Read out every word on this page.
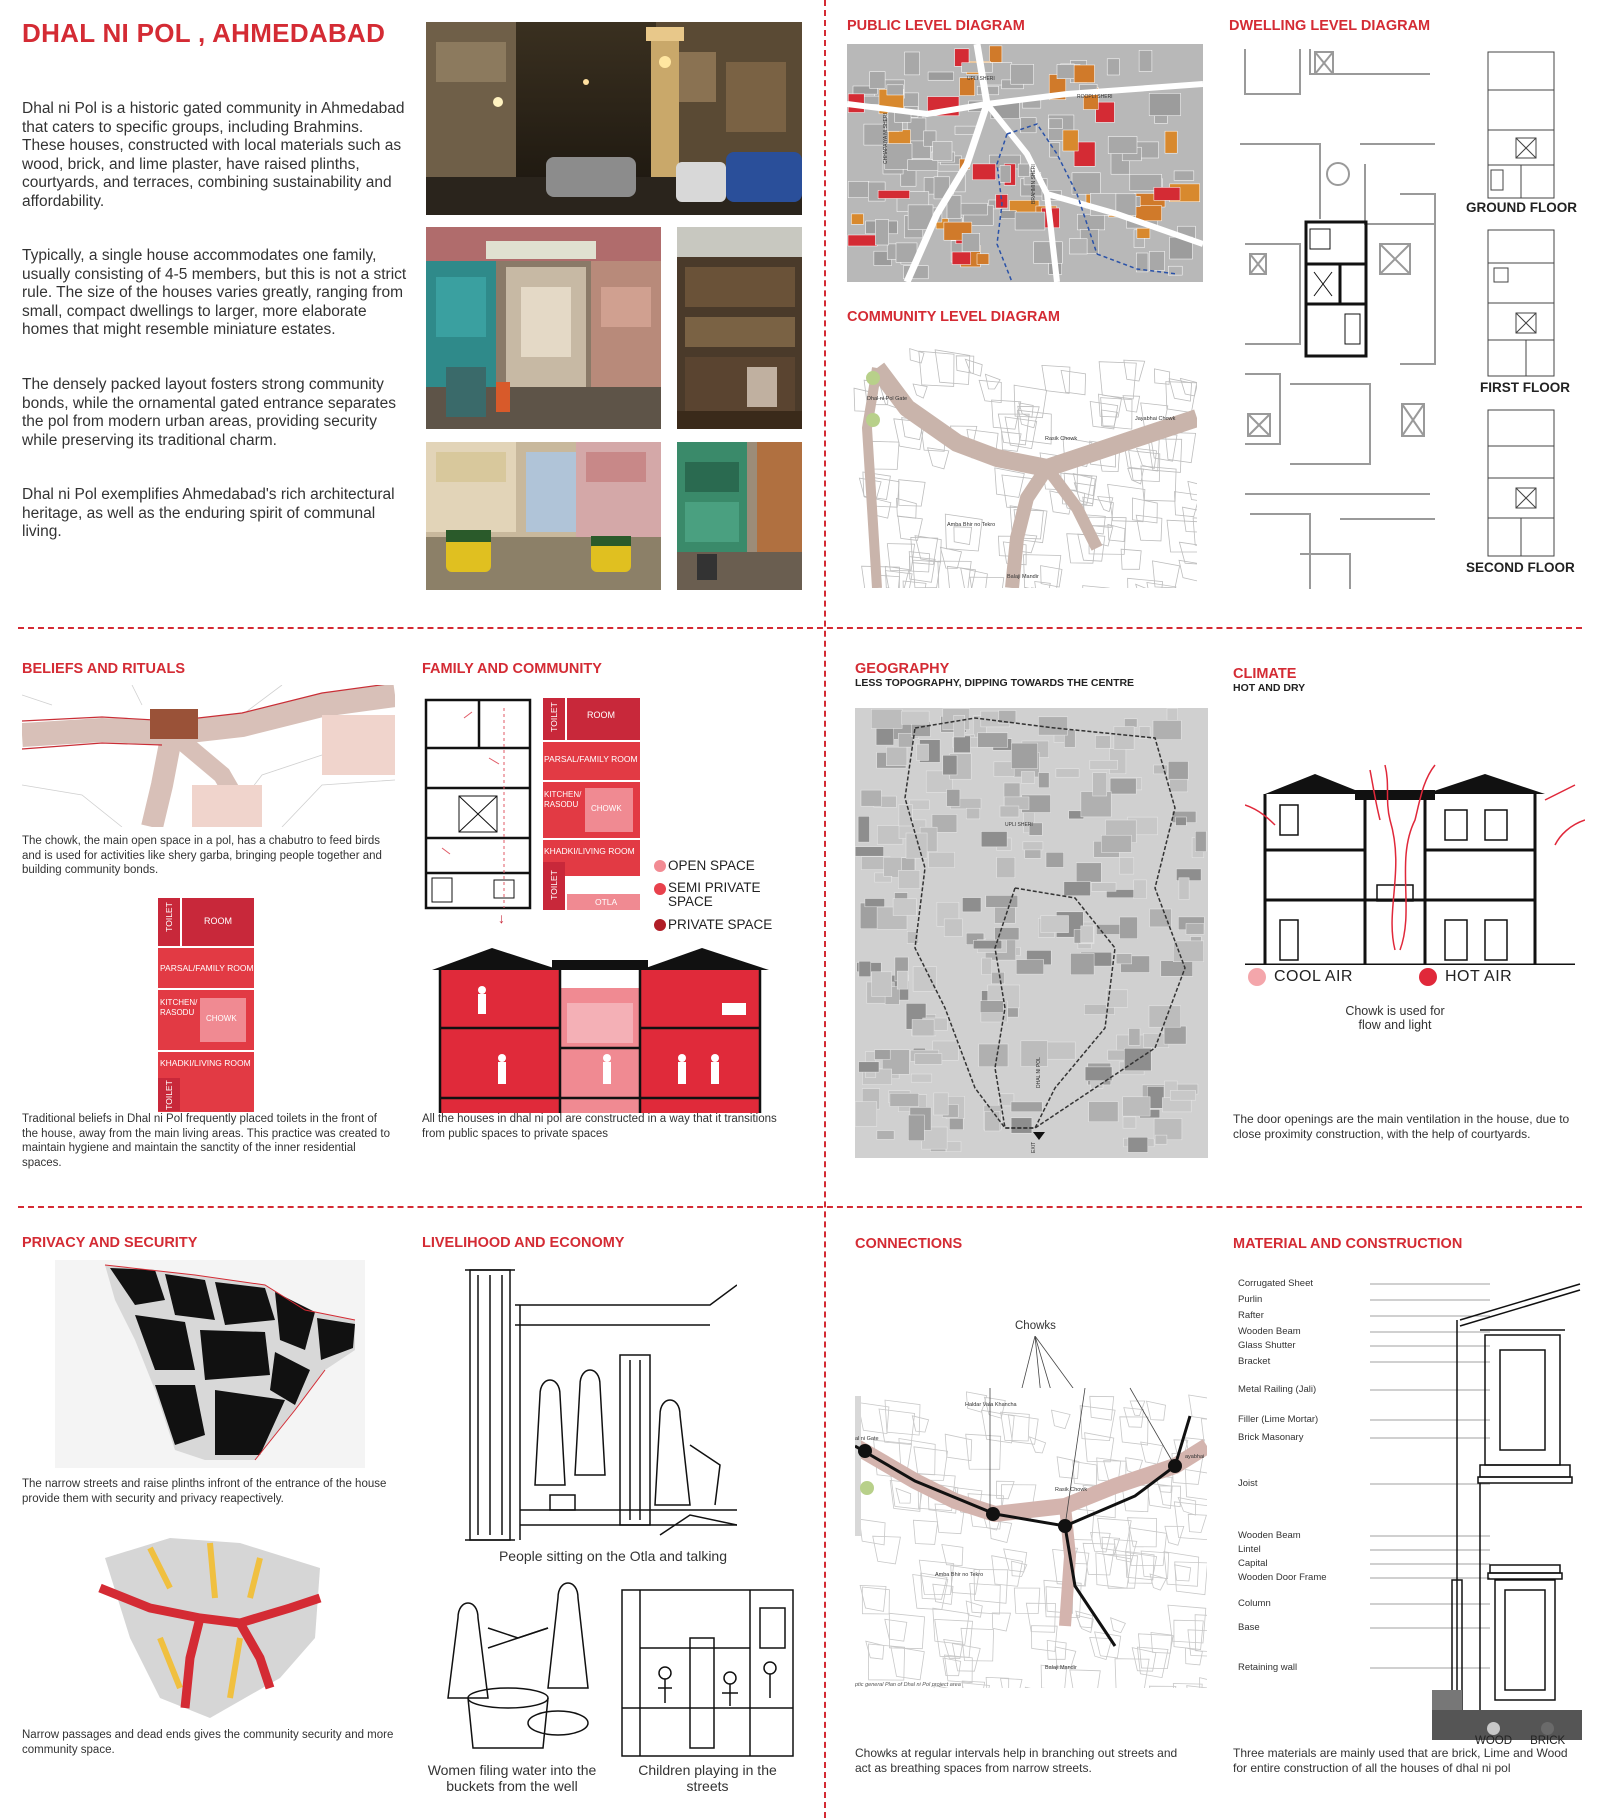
DHAL NI POL , AHMEDABAD

Dhal ni Pol is a historic gated community in Ahmedabad that caters to specific groups, including Brahmins. These houses, constructed with local materials such as wood, brick, and lime plaster, have raised plinths, courtyards, and terraces, combining sustainability and affordability.

Typically, a single house accommodates one family, usually consisting of 4-5 members, but this is not a strict rule. The size of the houses varies greatly, ranging from small, compact dwellings to larger, more elaborate homes that might resemble miniature estates.

The densely packed layout fosters strong community bonds, while the ornamental gated entrance separates the pol from modern urban areas, providing security while preserving its traditional charm.

Dhal ni Pol exemplifies Ahmedabad's rich architectural heritage, as well as the enduring spirit of communal living.

PUBLIC LEVEL DIAGRAM
UPLI SHERI
ROOPLI SHERI
BRAHMIN SHERI
CHHAPAIYA NI SHERI
COMMUNITY LEVEL DIAGRAM
Dhal ni Pol Gate
Jayabhai Chowk
Rasik Chowk
Amba Bhir no Tekro
Balaji Mandir
DWELLING LEVEL DIAGRAM
GROUND FLOOR
FIRST FLOOR
SECOND FLOOR
BELIEFS AND RITUALS

The chowk, the main open space in a pol, has a chabutro to feed birds and is used for activities like shery garba, bringing people together and building community bonds.

TOILET	ROOM
PARSAL/FAMILY ROOM
KITCHEN/ RASODU
CHOWK
KHADKI/LIVING ROOM
TOILET

Traditional beliefs in Dhal ni Pol frequently placed toilets in the front of the house, away from the main living areas. This practice was created to maintain hygiene and maintain the sanctity of the inner residential spaces.

FAMILY AND COMMUNITY
↓
TOILET	ROOM
PARSAL/FAMILY ROOM
KITCHEN/ RASODU CHOWK
KHADKI/LIVING ROOM
TOILET
OTLA
OPEN SPACE
SEMI PRIVATE SPACE
PRIVATE SPACE

All the houses in dhal ni pol are constructed in a way that it transitions from public spaces to private spaces

GEOGRAPHY
LESS TOPOGRAPHY, DIPPING TOWARDS THE CENTRE
UPLI SHERI
DHAL NI POL
EXIT
CLIMATE
HOT AND DRY
COOL AIR	HOT AIR

Chowk is used for flow and light

The door openings are the main ventilation in the house, due to close proximity construction, with the help of courtyards.

PRIVACY AND SECURITY

The narrow streets and raise plinths infront of the entrance of the house provide them with security and privacy reapectively.

Narrow passages and dead ends gives the community security and more community space.

LIVELIHOOD AND ECONOMY

People sitting on the Otla and talking

Women filing water into the buckets from the well

Children playing in the streets

CONNECTIONS
Chowks
Haldar Vala Khancha
Rasik Chowk
Amba Bhir no Tekro
Balaji Mandir
ptic general Plan of Dhal ni Pol project area
al ni Gate
ayabhai

Chowks at regular intervals help in branching out streets and act as breathing spaces from narrow streets.

MATERIAL AND CONSTRUCTION
Corrugated Sheet
Purlin
Rafter
Wooden Beam
Glass Shutter
Bracket
Metal Railing (Jali)
Filler (Lime Mortar)
Brick Masonary
Joist
Wooden Beam
Lintel
Capital
Wooden Door Frame
Column
Base
Retaining wall
WOOD BRICK

Three materials are mainly used that are brick, Lime and Wood for entire construction of all the houses of dhal ni pol
